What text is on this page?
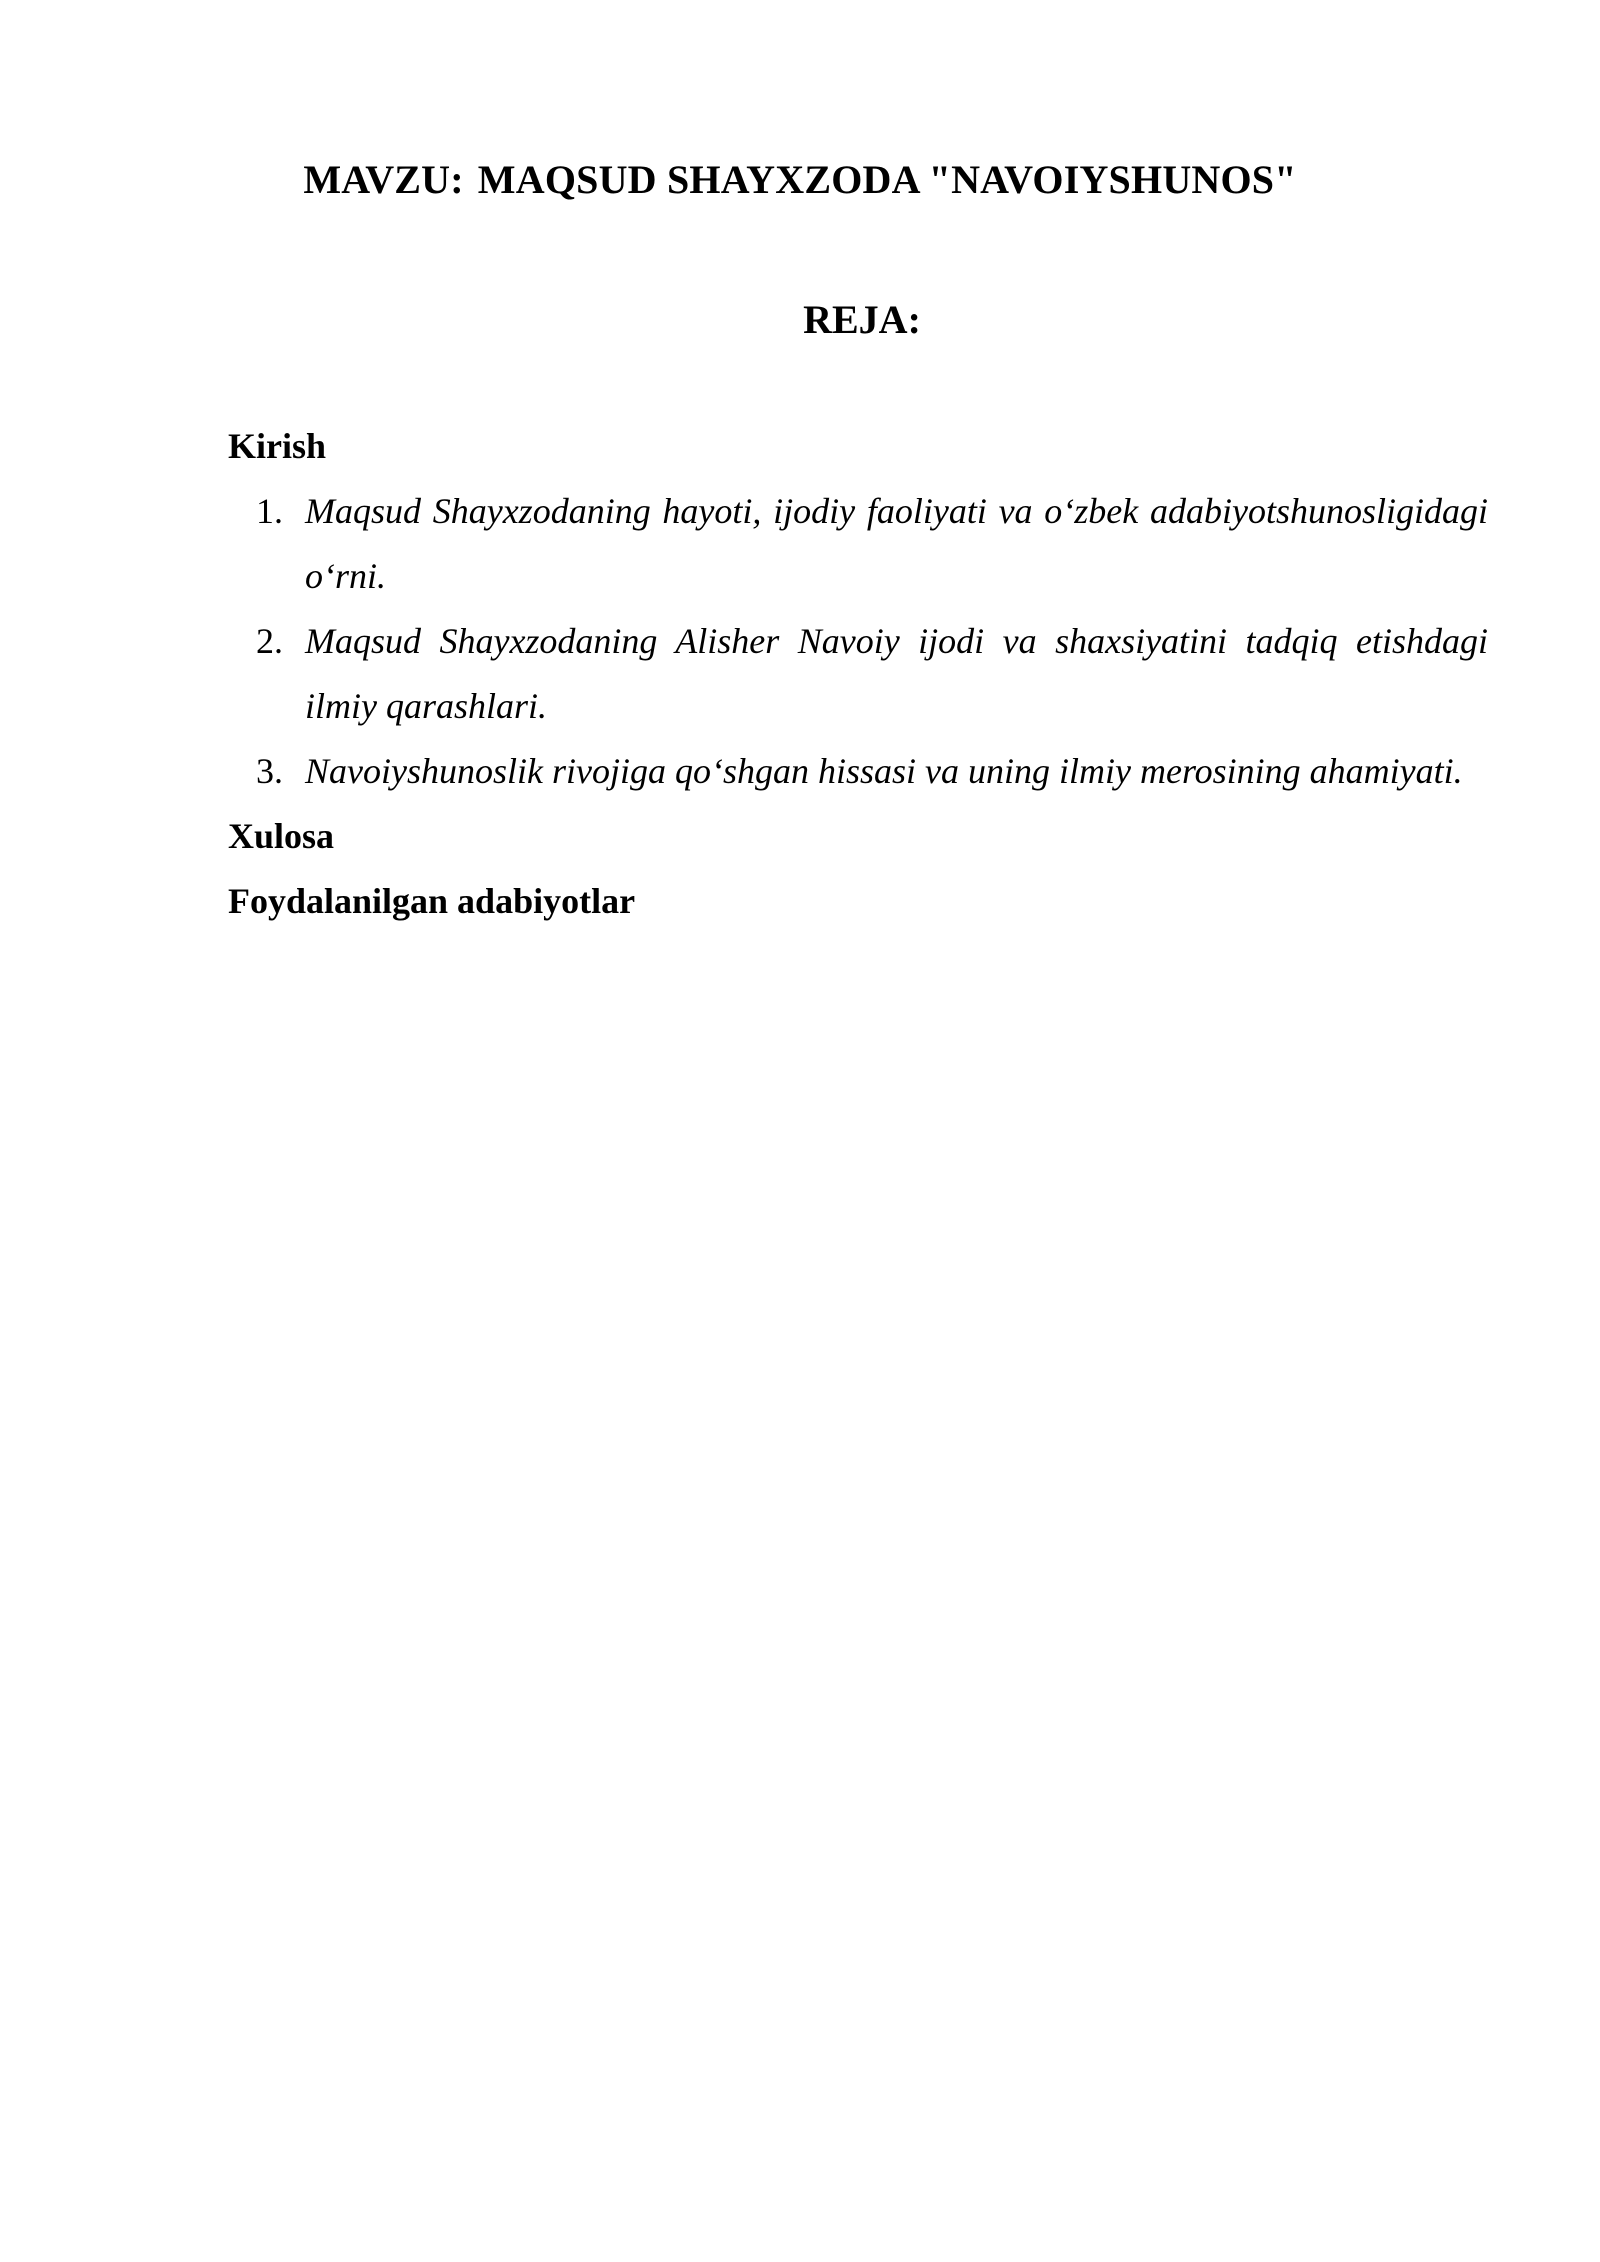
MAVZU: MAQSUD SHAYXZODA "NAVOIYSHUNOS"
REJA:
Kirish
1. Maqsud Shayxzodaning hayoti, ijodiy faoliyati va o‘zbek adabiyotshunosligidagi o‘rni.
2. Maqsud Shayxzodaning Alisher Navoiy ijodi va shaxsiyatini tadqiq etishdagi ilmiy qarashlari.
3. Navoiyshunoslik rivojiga qo‘shgan hissasi va uning ilmiy merosining ahamiyati.
Xulosa
Foydalanilgan adabiyotlar
